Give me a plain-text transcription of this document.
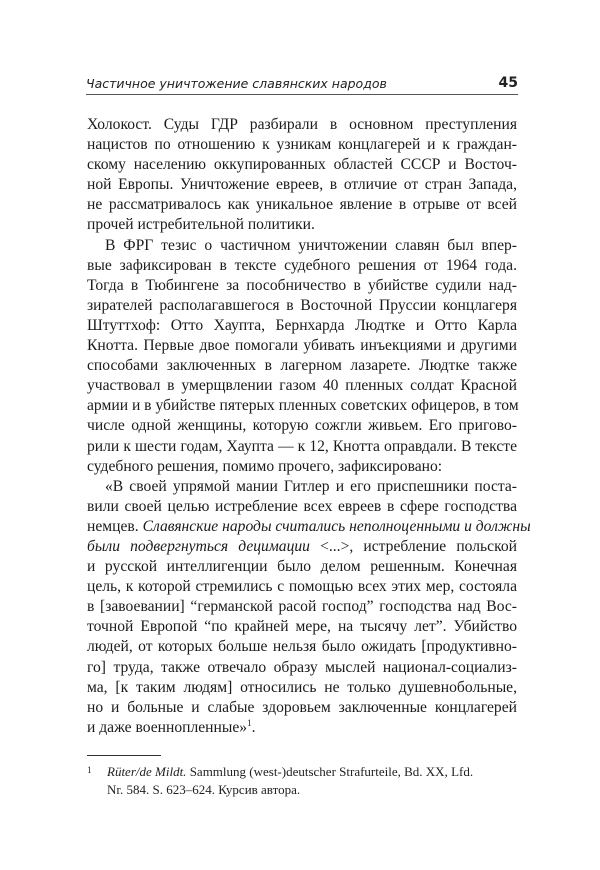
Частичное уничтожение славянских народов	45

Холокост. Суды ГДР разбирали в основном преступления
нацистов по отношению к узникам концлагерей и к граждан-
скому населению оккупированных областей СССР и Восточ-
ной Европы. Уничтожение евреев, в отличие от стран Запада,
не рассматривалось как уникальное явление в отрыве от всей
прочей истребительной политики.

В ФРГ тезис о частичном уничтожении славян был впер-
вые зафиксирован в тексте судебного решения от 1964 года.
Тогда в Тюбингене за пособничество в убийстве судили над-
зирателей располагавшегося в Восточной Пруссии концлагеря
Штуттхоф: Отто Хаупта, Бернхарда Людтке и Отто Карла
Кнотта. Первые двое помогали убивать инъекциями и другими
способами заключенных в лагерном лазарете. Людтке также
участвовал в умерщвлении газом 40 пленных солдат Красной
армии и в убийстве пятерых пленных советских офицеров, в том
числе одной женщины, которую сожгли живьем. Его пригово-
рили к шести годам, Хаупта — к 12, Кнотта оправдали. В тексте
судебного решения, помимо прочего, зафиксировано:

«В своей упрямой мании Гитлер и его приспешники поста-
вили своей целью истребление всех евреев в сфере господства
немцев. Славянские народы считались неполноценными и должны
были подвергнуться децимации <...>, истребление польской
и русской интеллигенции было делом решенным. Конечная
цель, к которой стремились с помощью всех этих мер, состояла
в [завоевании] “германской расой господ” господства над Вос-
точной Европой “по крайней мере, на тысячу лет”. Убийство
людей, от которых больше нельзя было ожидать [продуктивно-
го] труда, также отвечало образу мыслей национал-социализ-
ма, [к таким людям] относились не только душевнобольные,
но и больные и слабые здоровьем заключенные концлагерей
и даже военнопленные»$^1$.

1	Rüter/de Mildt. Sammlung (west-)deutscher Strafurteile, Bd. XX, Lfd.
Nr. 584. S. 623–624. Курсив автора.
